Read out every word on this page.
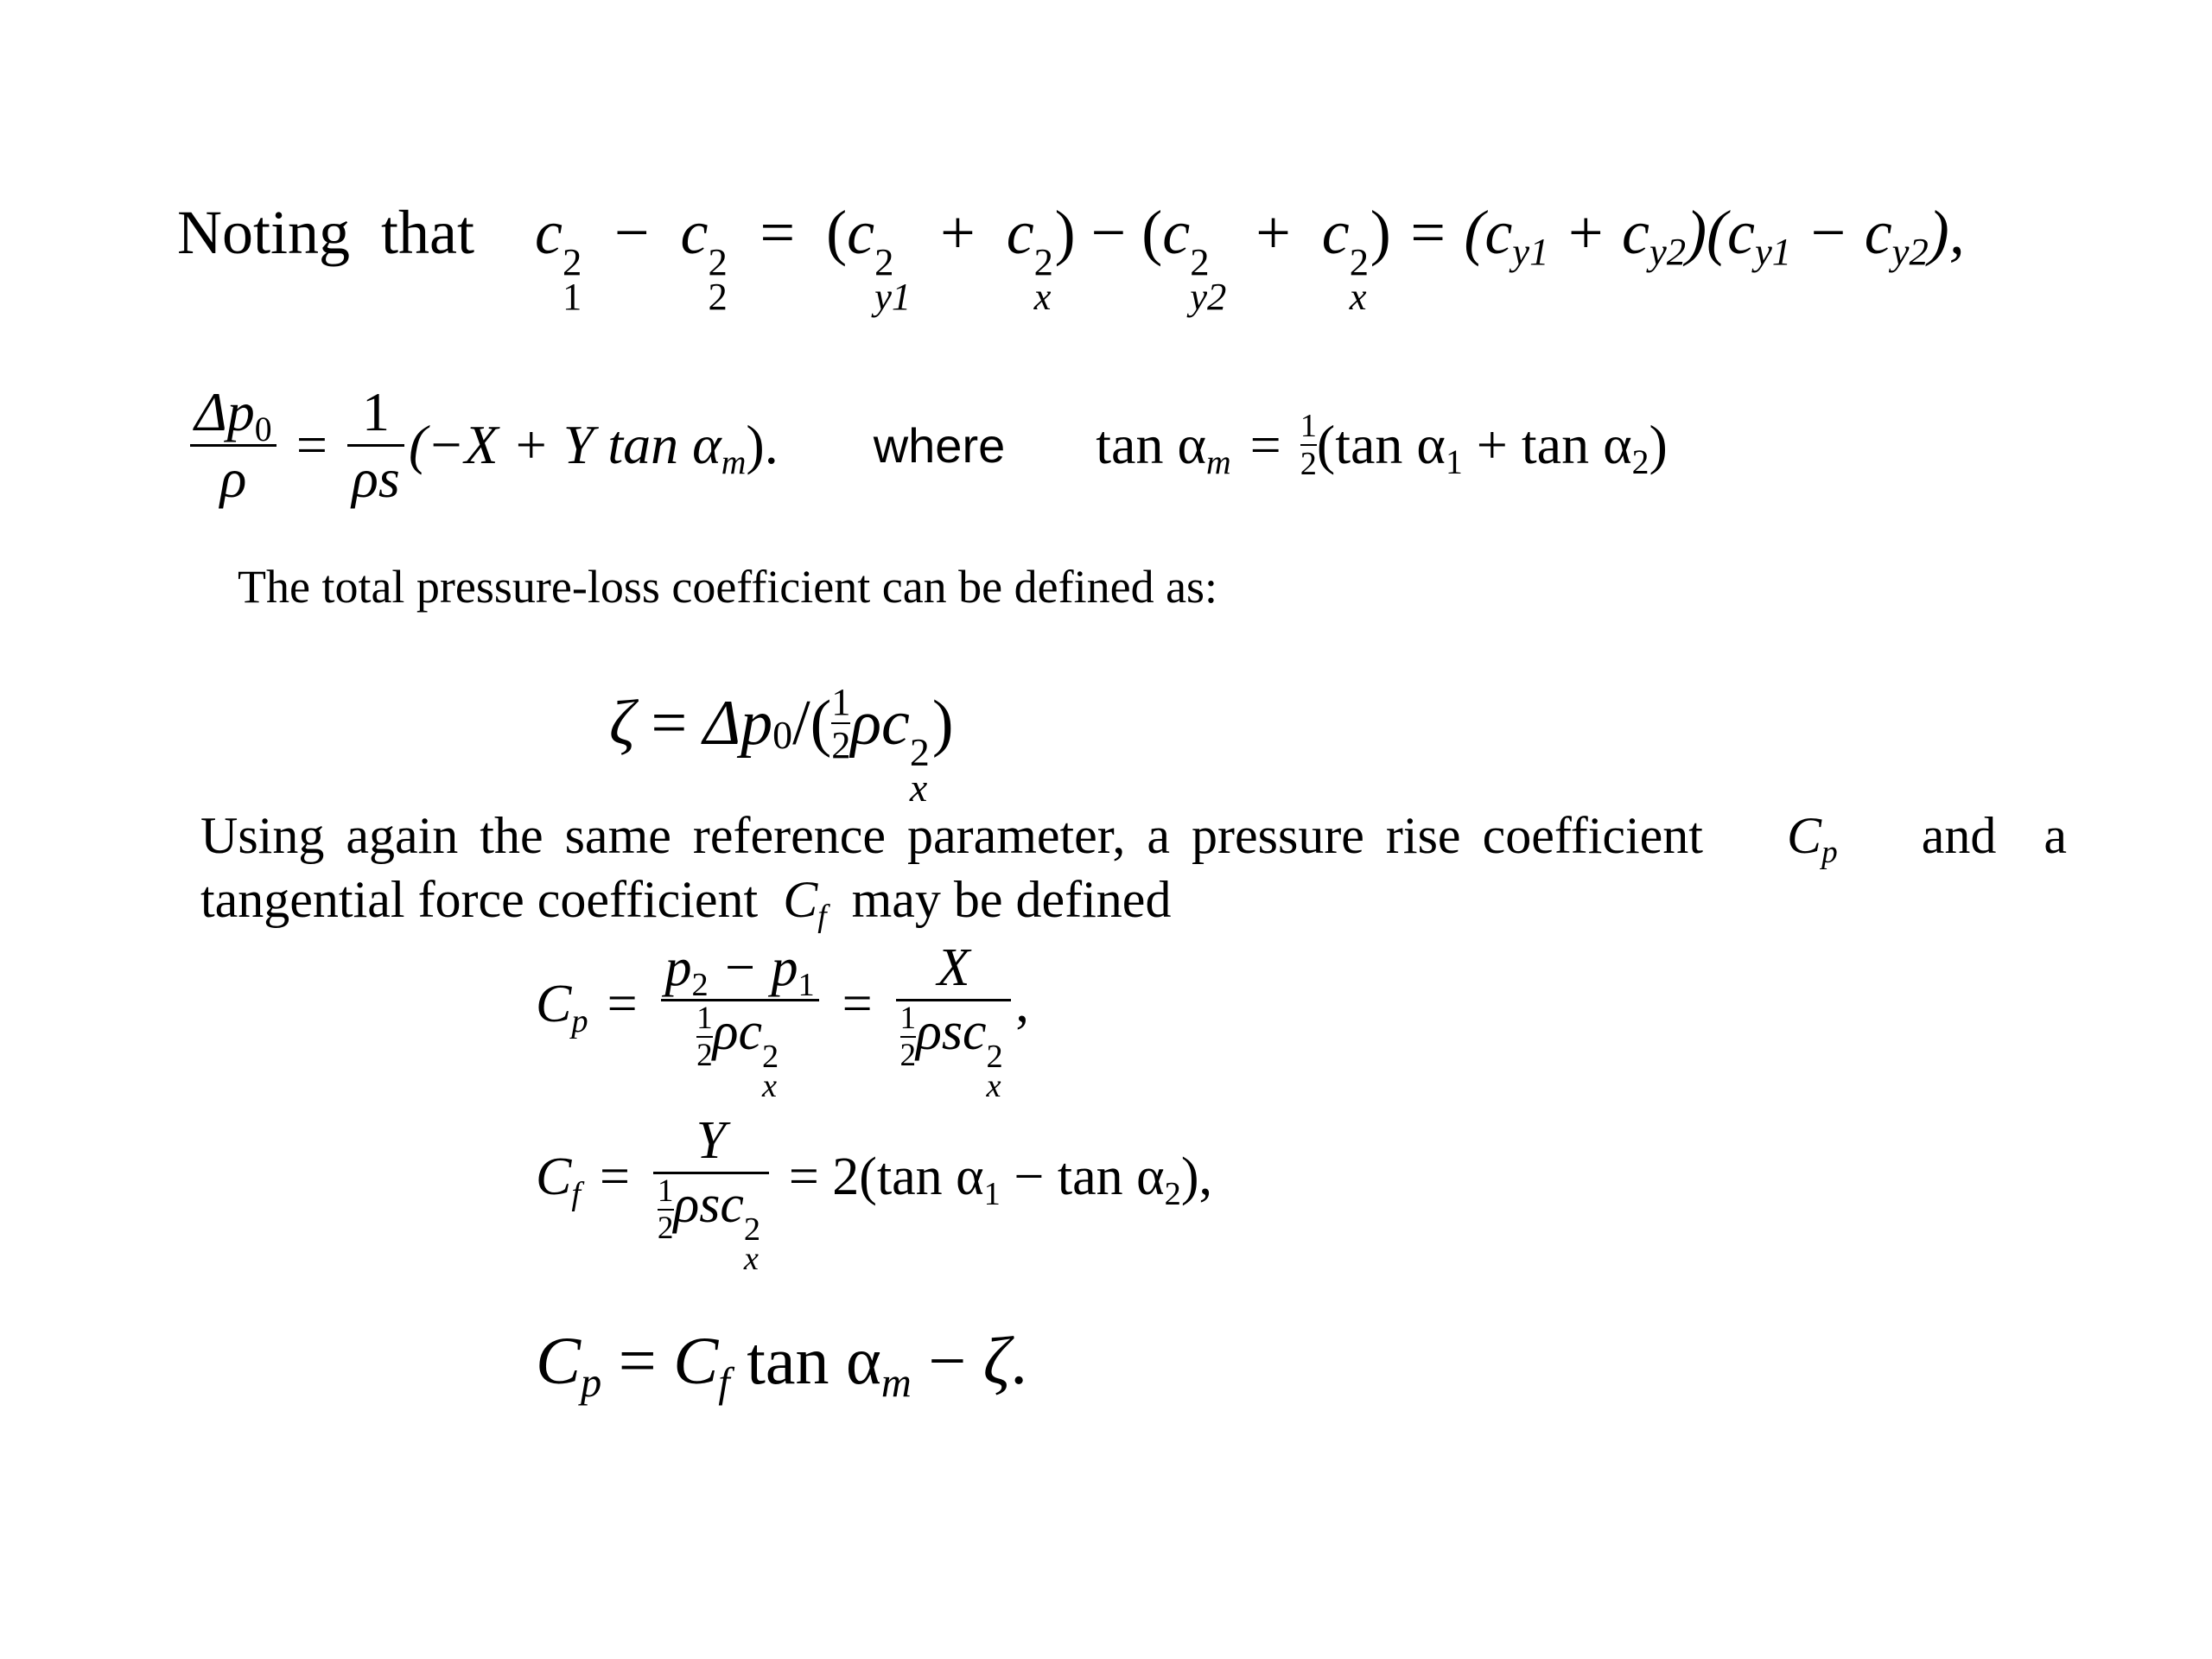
Noting  that c 2
1
−  c 2
2
=  (c 2
y1
+  c 2
x
) − (c 2
y2
+  c 2
x
) = $(c_{y1} + c_{y2})(c_{y1} - c_{y2})$,
$\frac{\Delta p_0}{\rho} = \frac{1}{\rho s} (-X + Y$ $\tan \alpha_m$). where $\tan \alpha_m = 1$
2 (tan $\alpha_1 + \tan \alpha_2$)
The total pressure-loss coefficient can be defined as:
$\zeta = \Delta p_0$ /( 1
2 ρc 2
x
)
Using again the same reference parameter, a pressure rise coefficient $C_p$ and a
tangential force coefficient $C_f$ may be defined
$C_p = p_2 - p_1$
$\frac{1}{2}$ ρc 2
x = X
$\frac{1}{2}$ ρsc 2
x ,
$C_f = Y$
$\frac{1}{2}$ ρsc 2
x = 2(tan $\alpha_1 - \tan \alpha_2$),
$C_p = C_f$ $\tan \alpha_m - \zeta$.
